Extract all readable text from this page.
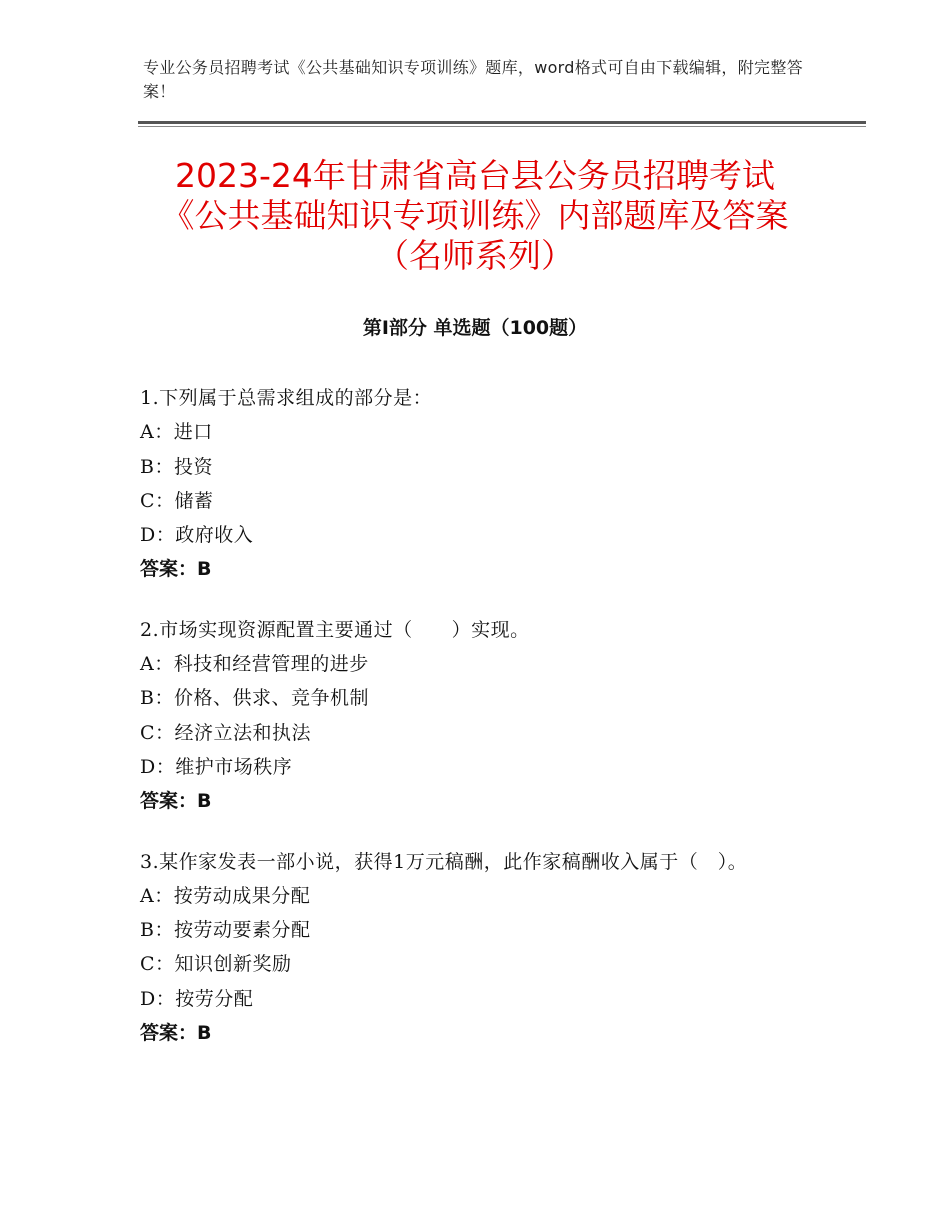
专业公务员招聘考试《公共基础知识专项训练》题库，word格式可自由下载编辑，附完整答案！
2023-24年甘肃省高台县公务员招聘考试
《公共基础知识专项训练》内部题库及答案
（名师系列）
第Ⅰ部分 单选题（100题）
1.下列属于总需求组成的部分是：
A：进口
B：投资
C：储蓄
D：政府收入
答案：B
2.市场实现资源配置主要通过（　　）实现。
A：科技和经营管理的进步
B：价格、供求、竞争机制
C：经济立法和执法
D：维护市场秩序
答案：B
3.某作家发表一部小说，获得1万元稿酬，此作家稿酬收入属于（　）。
A：按劳动成果分配
B：按劳动要素分配
C：知识创新奖励
D：按劳分配
答案：B
